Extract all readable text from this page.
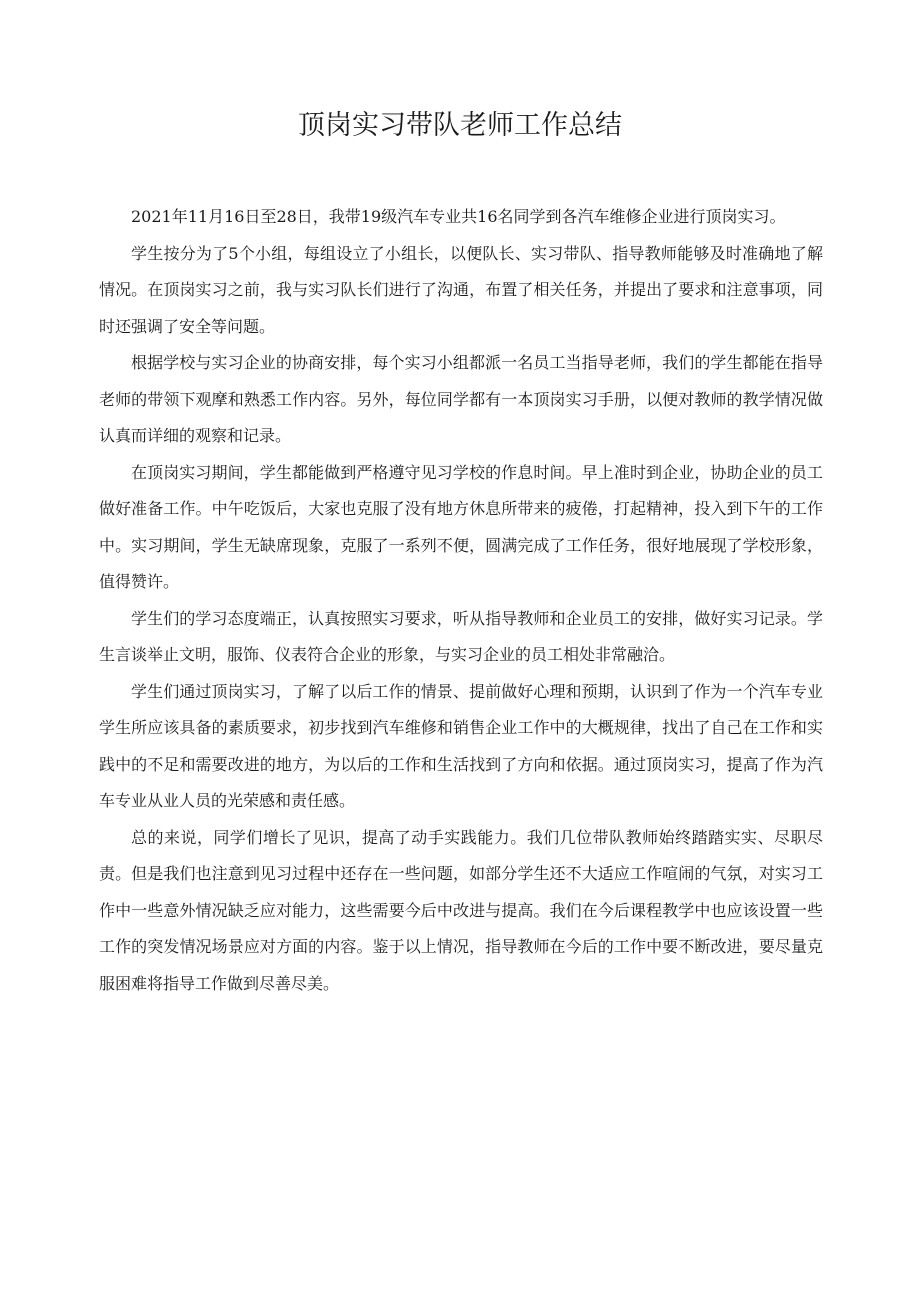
顶岗实习带队老师工作总结

2021年11月16日至28日，我带19级汽车专业共16名同学到各汽车维修企业进行顶岗实习。

学生按分为了5个小组，每组设立了小组长，以便队长、实习带队、指导教师能够及时准确地了解情况。在顶岗实习之前，我与实习队长们进行了沟通，布置了相关任务，并提出了要求和注意事项，同时还强调了安全等问题。

根据学校与实习企业的协商安排，每个实习小组都派一名员工当指导老师，我们的学生都能在指导老师的带领下观摩和熟悉工作内容。另外，每位同学都有一本顶岗实习手册，以便对教师的教学情况做认真而详细的观察和记录。

在顶岗实习期间，学生都能做到严格遵守见习学校的作息时间。早上准时到企业，协助企业的员工做好准备工作。中午吃饭后，大家也克服了没有地方休息所带来的疲倦，打起精神，投入到下午的工作中。实习期间，学生无缺席现象，克服了一系列不便，圆满完成了工作任务，很好地展现了学校形象，值得赞许。

学生们的学习态度端正，认真按照实习要求，听从指导教师和企业员工的安排，做好实习记录。学生言谈举止文明，服饰、仪表符合企业的形象，与实习企业的员工相处非常融洽。

学生们通过顶岗实习，了解了以后工作的情景、提前做好心理和预期，认识到了作为一个汽车专业学生所应该具备的素质要求，初步找到汽车维修和销售企业工作中的大概规律，找出了自己在工作和实践中的不足和需要改进的地方，为以后的工作和生活找到了方向和依据。通过顶岗实习，提高了作为汽车专业从业人员的光荣感和责任感。

总的来说，同学们增长了见识，提高了动手实践能力。我们几位带队教师始终踏踏实实、尽职尽责。但是我们也注意到见习过程中还存在一些问题，如部分学生还不大适应工作喧闹的气氛，对实习工作中一些意外情况缺乏应对能力，这些需要今后中改进与提高。我们在今后课程教学中也应该设置一些工作的突发情况场景应对方面的内容。鉴于以上情况，指导教师在今后的工作中要不断改进，要尽量克服困难将指导工作做到尽善尽美。
